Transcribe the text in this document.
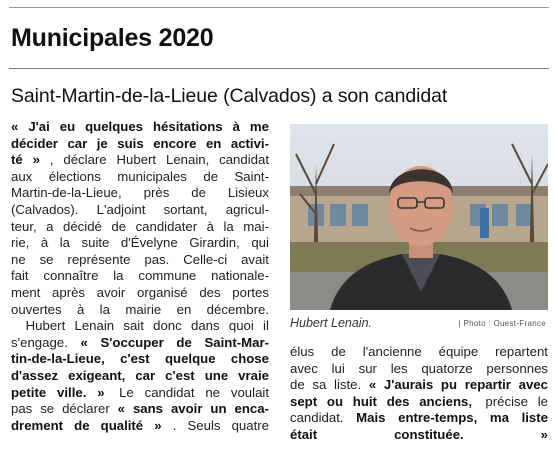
Municipales 2020
Saint-Martin-de-la-Lieue (Calvados) a son candidat
« J'ai eu quelques hésitations à me
décider car je suis encore en activi-
té » , déclare Hubert Lenain, candidat
aux élections municipales de Saint-
Martin-de-la-Lieue, près de Lisieux
(Calvados). L'adjoint sortant, agricul-
teur, a décidé de candidater à la mai-
rie, à la suite d'Évelyne Girardin, qui
ne se représente pas. Celle-ci avait
fait connaître la commune nationale-
ment après avoir organisé des portes
ouvertes à la mairie en décembre.
Hubert Lenain sait donc dans quoi il
s'engage. « S'occuper de Saint-Mar-
tin-de-la-Lieue, c'est quelque chose
d'assez exigeant, car c'est une vraie
petite ville. » Le candidat ne voulait
pas se déclarer « sans avoir un enca-
drement de qualité » . Seuls quatre
Hubert Lenain.	| Photo : Ouest-France
élus de l'ancienne équipe repartent
avec lui sur les quatorze personnes
de sa liste. « J'aurais pu repartir avec
sept ou huit des anciens, précise le
candidat. Mais entre-temps, ma liste
était constituée. »
